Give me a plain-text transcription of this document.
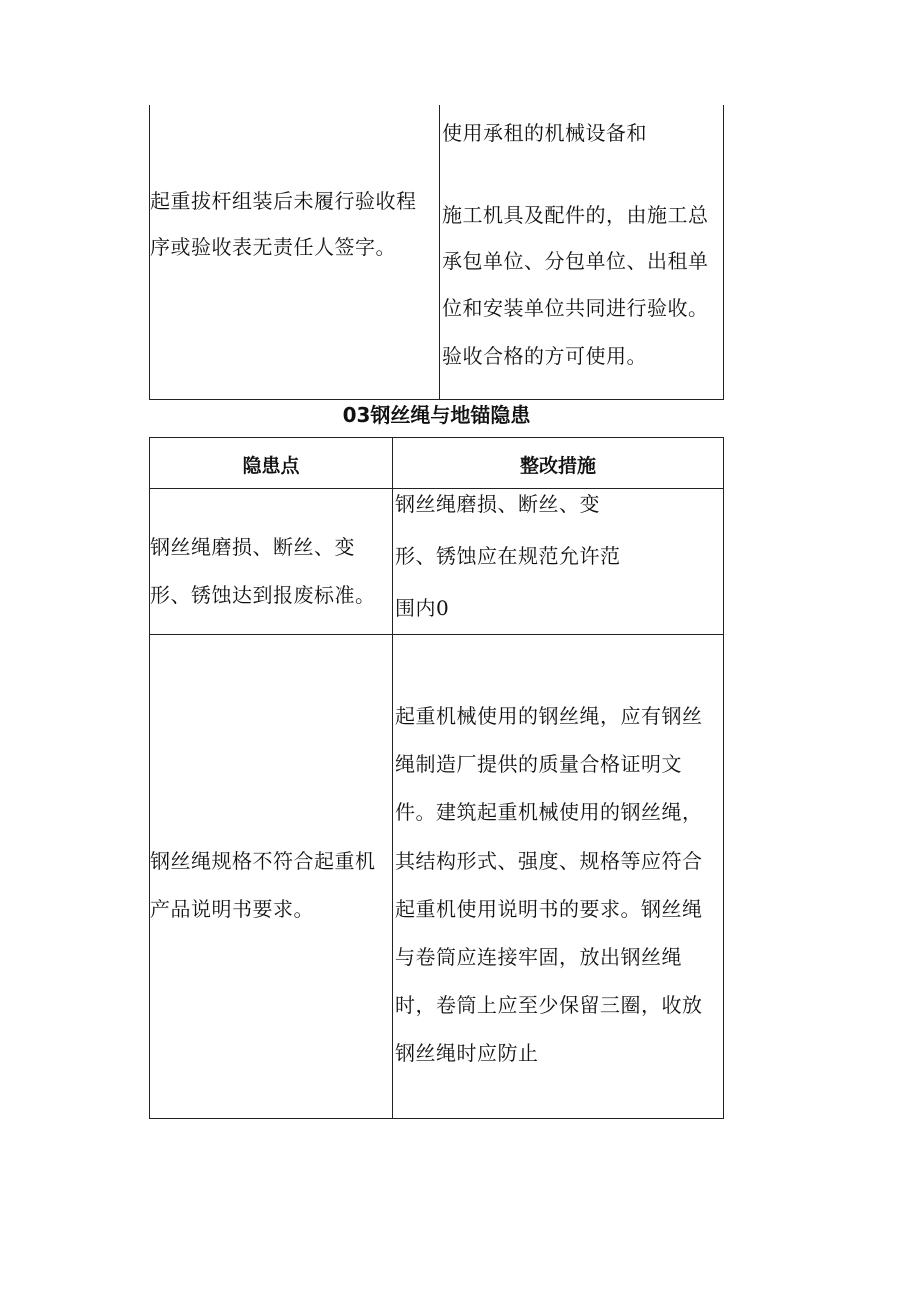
起重拔杆组装后未履行验收程
序或验收表无责任人签字。
使用承租的机械设备和
施工机具及配件的，由施工总
承包单位、分包单位、出租单
位和安装单位共同进行验收。
验收合格的方可使用。
03钢丝绳与地锚隐患
隐患点	整改措施
钢丝绳磨损、断丝、变
形、锈蚀达到报废标准。
钢丝绳磨损、断丝、变
形、锈蚀应在规范允许范
围内0
钢丝绳规格不符合起重机
产品说明书要求。
起重机械使用的钢丝绳，应有钢丝
绳制造厂提供的质量合格证明文
件。建筑起重机械使用的钢丝绳，
其结构形式、强度、规格等应符合
起重机使用说明书的要求。钢丝绳
与卷筒应连接牢固，放出钢丝绳
时，卷筒上应至少保留三圈，收放
钢丝绳时应防止
